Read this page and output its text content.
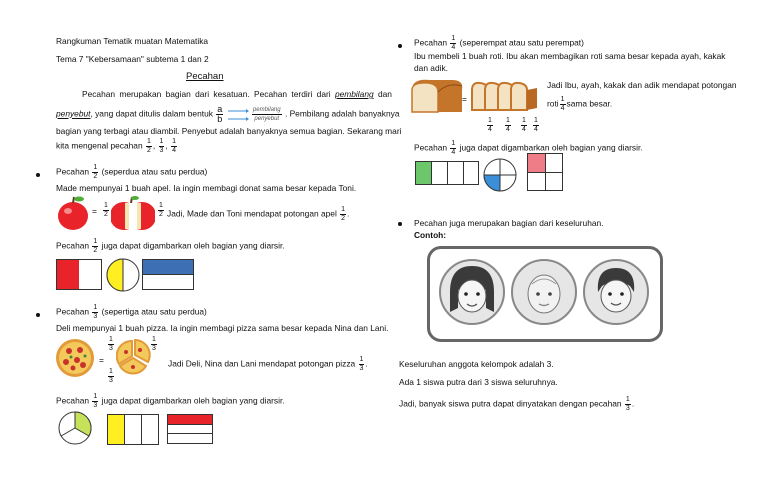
Rangkuman Tematik muatan Matematika
Tema 7 "Kebersamaan" subtema 1 dan 2
Pecahan
Pecahan merupakan bagian dari kesatuan. Pecahan terdiri dari pembilang dan
penyebut, yang dapat ditulis dalam bentuk $\frac{a}{b}$
	$\frac{\text{pembilang}}{\text{penyebut}}$ . Pembilang adalah banyaknya
bagian yang terbagi atau diambil. Penyebut adalah banyaknya semua bagian. Sekarang mari
kita mengenal pecahan $\frac{1}{2}$ , $\frac{1}{3}$ , $\frac{1}{4}$
Pecahan $\frac{1}{2}$ (seperdua atau satu perdua)
Made mempunyai 1 buah apel. Ia ingin membagi donat sama besar kepada Toni.
= $\frac{1}{2}$	$\frac{1}{2}$ Jadi, Made dan Toni mendapat potongan apel $\frac{1}{2}$ .
Pecahan $\frac{1}{2}$ juga dapat digambarkan oleh bagian yang diarsir.
Pecahan $\frac{1}{3}$ (sepertiga atau satu perdua)
Deli mempunyai 1 buah pizza. Ia ingin membagi pizza sama besar kepada Nina dan Lani.
=
$\frac{1}{3}$	$\frac{1}{3}$
$\frac{1}{3}$
Jadi Deli, Nina dan Lani mendapat potongan pizza $\frac{1}{3}$ .
Pecahan $\frac{1}{3}$ juga dapat digambarkan oleh bagian yang diarsir.
Pecahan $\frac{1}{4}$ (seperempat atau satu perempat)
Ibu membeli 1 buah roti. Ibu akan membagikan roti sama besar kepada ayah, kakak
dan adik.
=
$\frac{1}{4} \frac{1}{4} \frac{1}{4} \frac{1}{4}$
Jadi Ibu, ayah, kakak dan adik mendapat potongan
roti $\frac{1}{4}$ sama besar.
Pecahan $\frac{1}{4}$ juga dapat digambarkan oleh bagian yang diarsir.
Pecahan juga merupakan bagian dari keseluruhan.
Contoh:
Keseluruhan anggota kelompok adalah 3.
Ada 1 siswa putra dari 3 siswa seluruhnya.
Jadi, banyak siswa putra dapat dinyatakan dengan pecahan $\frac{1}{3}$ .
